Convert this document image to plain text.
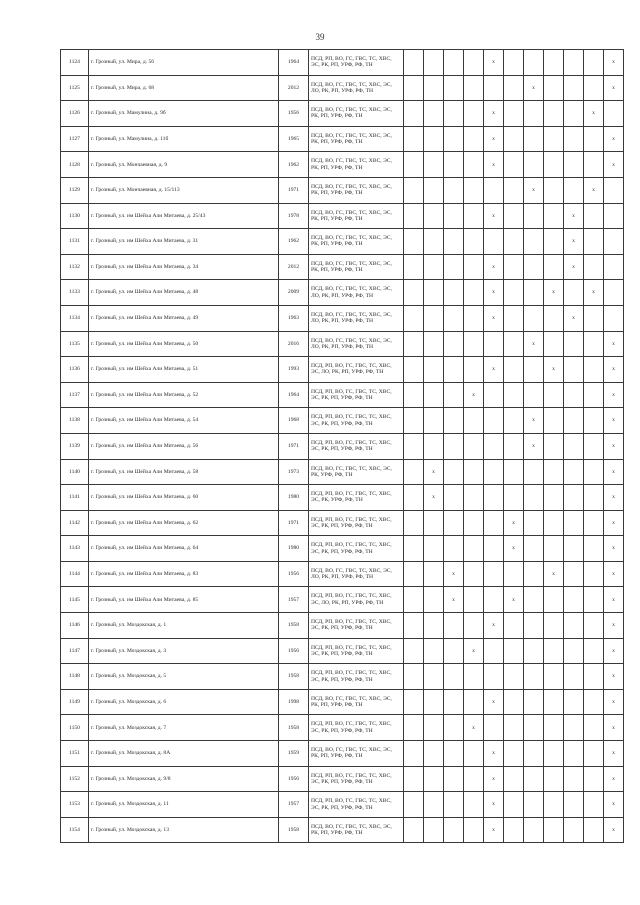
39
1124	г. Грозный, ул. Мира, д. 56	1964	ПСД, РП, ВО, ГС, ГВС, ТС, ХВС, ЭС, РК, РП, УРФ, РФ, ТН					x						x
1125	г. Грозный, ул. Мира, д. 68	2012	ПСД, ВО, ГС, ГВС, ТС, ХВС, ЭС, ЛО, РК, РП, УРФ, РФ, ТН							x				x
1126	г. Грозный, ул. Мамулина, д. 9б	1956	ПСД, ВО, ГС, ГВС, ТС, ХВС, ЭС, РК, РП, УРФ, РФ, ТН					x					x	
1127	г. Грозный, ул. Мамулина, д. 11б	1965	ПСД, ВО, ГС, ГВС, ТС, ХВС, ЭС, РК, РП, УРФ, РФ, ТН					x						x
1128	г. Грозный, ул. Мончаевная, д. 9	1962	ПСД, ВО, ГС, ГВС, ТС, ХВС, ЭС, РК, РП, УРФ, РФ, ТН					x						x
1129	г. Грозный, ул. Мончаевная, д. 15/113	1971	ПСД, ВО, ГС, ГВС, ТС, ХВС, ЭС, РК, РП, УРФ, РФ, ТН							x			x	
1130	г. Грозный, ул. им Шейха Али Митаева, д. 25/43	1978	ПСД, ВО, ГС, ГВС, ТС, ХВС, ЭС, РК, РП, УРФ, РФ, ТН					x				x		
1131	г. Грозный, ул. им Шейха Али Митаева, д. 31	1962	ПСД, ВО, ГС, ГВС, ТС, ХВС, ЭС, РК, РП, УРФ, РФ, ТН									x		
1132	г. Грозный, ул. им Шейха Али Митаева, д. 34	2012	ПСД, ВО, ГС, ГВС, ТС, ХВС, ЭС, РК, РП, УРФ, РФ, ТН					x				x		
1133	г. Грозный, ул. им Шейха Али Митаева, д. 48	2009	ПСД, ВО, ГС, ГВС, ТС, ХВС, ЭС, ЛО, РК, РП, УРФ, РФ, ТН					x			x		x	
1134	г. Грозный, ул. им Шейха Али Митаева, д. 49	1963	ПСД, ВО, ГС, ГВС, ТС, ХВС, ЭС, ЛО, РК, РП, УРФ, РФ, ТН					x				x		
1135	г. Грозный, ул. им Шейха Али Митаева, д. 50	2016	ПСД, ВО, ГС, ГВС, ТС, ХВС, ЭС, ЛО, РК, РП, УРФ, РФ, ТН							x				x
1136	г. Грозный, ул. им Шейха Али Митаева, д. 51	1993	ПСД, РП, ВО, ГС, ГВС, ТС, ХВС, ЭС, ЛО, РК, РП, УРФ, РФ, ТН					x			x			x
1137	г. Грозный, ул. им Шейха Али Митаева, д. 52	1964	ПСД, РП, ВО, ГС, ГВС, ТС, ХВС, ЭС, РК, РП, УРФ, РФ, ТН				x							x
1138	г. Грозный, ул. им Шейха Али Митаева, д. 54	1968	ПСД, РП, ВО, ГС, ГВС, ТС, ХВС, ЭС, РК, РП, УРФ, РФ, ТН							x				x
1139	г. Грозный, ул. им Шейха Али Митаева, д. 56	1971	ПСД, РП, ВО, ГС, ГВС, ТС, ХВС, ЭС, РК, РП, УРФ, РФ, ТН							x				x
1140	г. Грозный, ул. им Шейха Али Митаева, д. 58	1973	ПСД, ВО, ГС, ГВС, ТС, ХВС, ЭС, РК, УРФ, РФ, ТН		x									x
1141	г. Грозный, ул. им Шейха Али Митаева, д. 60	1980	ПСД, РП, ВО, ГС, ГВС, ТС, ХВС, ЭС, РК, УРФ, РФ, ТН		x									x
1142	г. Грозный, ул. им Шейха Али Митаева, д. 62	1971	ПСД, РП, ВО, ГС, ГВС, ТС, ХВС, ЭС, РК, РП, УРФ, РФ, ТН						x					x
1143	г. Грозный, ул. им Шейха Али Митаева, д. 64	1980	ПСД, РП, ВО, ГС, ГВС, ТС, ХВС, ЭС, РК, РП, УРФ, РФ, ТН						x					x
1144	г. Грозный, ул. им Шейха Али Митаева, д. 83	1956	ПСД, ВО, ГС, ГВС, ТС, ХВС, ЭС, ЛО, РК, РП, УРФ, РФ, ТН			x					x			x
1145	г. Грозный, ул. им Шейха Али Митаева, д. 85	1957	ПСД, РП, ВО, ГС, ГВС, ТС, ХВС, ЭС, ЛО, РК, РП, УРФ, РФ, ТН			x			x					x
1146	г. Грозный, ул. Моздокская, д. 1	1958	ПСД, РП, ВО, ГС, ГВС, ТС, ХВС, ЭС, РК, РП, УРФ, РФ, ТН					x						x
1147	г. Грозный, ул. Моздокская, д. 3	1956	ПСД, РП, ВО, ГС, ГВС, ТС, ХВС, ЭС, РК, РП, УРФ, РФ, ТН				x							x
1148	г. Грозный, ул. Моздокская, д. 5	1958	ПСД, РП, ВО, ГС, ГВС, ТС, ХВС, ЭС, РК, РП, УРФ, РФ, ТН											x
1149	г. Грозный, ул. Моздокская, д. 6	1998	ПСД, ВО, ГС, ГВС, ТС, ХВС, ЭС, РК, РП, УРФ, РФ, ТН					x						x
1150	г. Грозный, ул. Моздокская, д. 7	1958	ПСД, РП, ВО, ГС, ГВС, ТС, ХВС, ЭС, РК, РП, УРФ, РФ, ТН				x							x
1151	г. Грозный, ул. Моздокская, д. 8А	1959	ПСД, ВО, ГС, ГВС, ТС, ХВС, ЭС, РК, РП, УРФ, РФ, ТН					x						x
1152	г. Грозный, ул. Моздокская, д. 9/8	1956	ПСД, РП, ВО, ГС, ГВС, ТС, ХВС, ЭС, РК, РП, УРФ, РФ, ТН					x						x
1153	г. Грозный, ул. Моздокская, д. 11	1957	ПСД, РП, ВО, ГС, ГВС, ТС, ХВС, ЭС, РК, РП, УРФ, РФ, ТН					x						x
1154	г. Грозный, ул. Моздокская, д. 13	1958	ПСД, ВО, ГС, ГВС, ТС, ХВС, ЭС, РК, РП, УРФ, РФ, ТН					x						x
